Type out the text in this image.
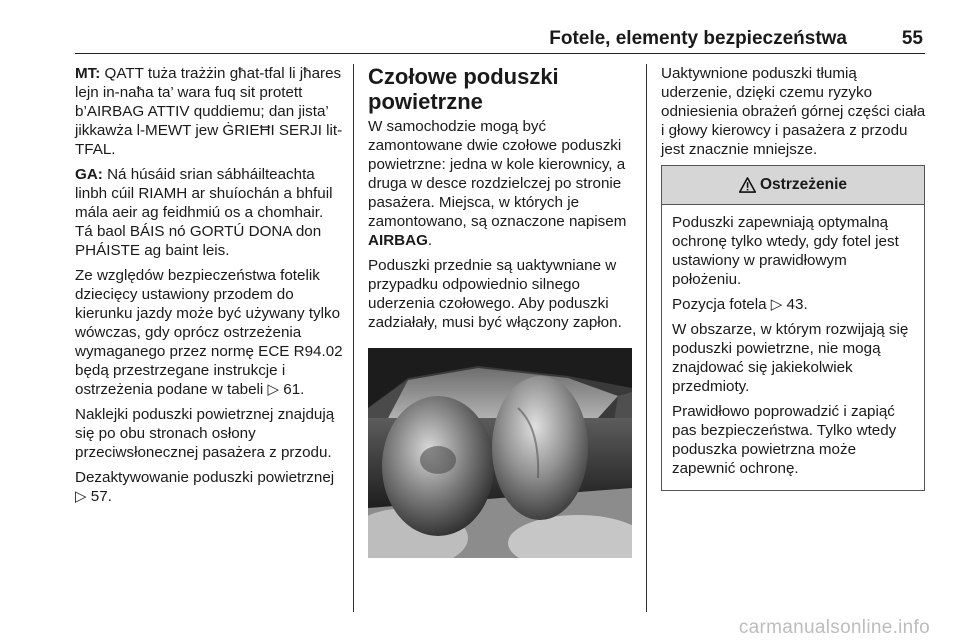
Fotele, elementy bezpieczeństwa	55

MT: QATT tuża trażżin għat-tfal li jħares lejn in-naħa ta’ wara fuq sit protett b’AIRBAG ATTIV quddiemu; dan jista’ jikkawża l-MEWT jew ĠRIEĦI SERJI lit-TFAL.

GA: Ná húsáid srian sábháilteachta linbh cúil RIAMH ar shuíochán a bhfuil mála aeir ag feidhmiú os a chomhair. Tá baol BÁIS nó GORTÚ DONA don PHÁISTE ag baint leis.

Ze względów bezpieczeństwa fotelik dziecięcy ustawiony przodem do kierunku jazdy może być używany tylko wówczas, gdy oprócz ostrzeżenia wymaganego przez normę ECE R94.02 będą przestrzegane instrukcje i ostrzeżenia podane w tabeli ▷ 61.

Naklejki poduszki powietrznej znajdują się po obu stronach osłony przeciwsłonecznej pasażera z przodu.

Dezaktywowanie poduszki powietrznej ▷ 57.

Czołowe poduszki powietrzne

W samochodzie mogą być zamontowane dwie czołowe poduszki powietrzne: jedna w kole kierownicy, a druga w desce rozdzielczej po stronie pasażera. Miejsca, w których je zamontowano, są oznaczone napisem AIRBAG.

Poduszki przednie są uaktywniane w przypadku odpowiednio silnego uderzenia czołowego. Aby poduszki zadziałały, musi być włączony zapłon.

Uaktywnione poduszki tłumią uderzenie, dzięki czemu ryzyko odniesienia obrażeń górnej części ciała i głowy kierowcy i pasażera z przodu jest znacznie mniejsze.

Ostrzeżenie

Poduszki zapewniają optymalną ochronę tylko wtedy, gdy fotel jest ustawiony w prawidłowym położeniu.

Pozycja fotela ▷ 43.

W obszarze, w którym rozwijają się poduszki powietrzne, nie mogą znajdować się jakiekolwiek przedmioty.

Prawidłowo poprowadzić i zapiąć pas bezpieczeństwa. Tylko wtedy poduszka powietrzna może zapewnić ochronę.

carmanualsonline.info
